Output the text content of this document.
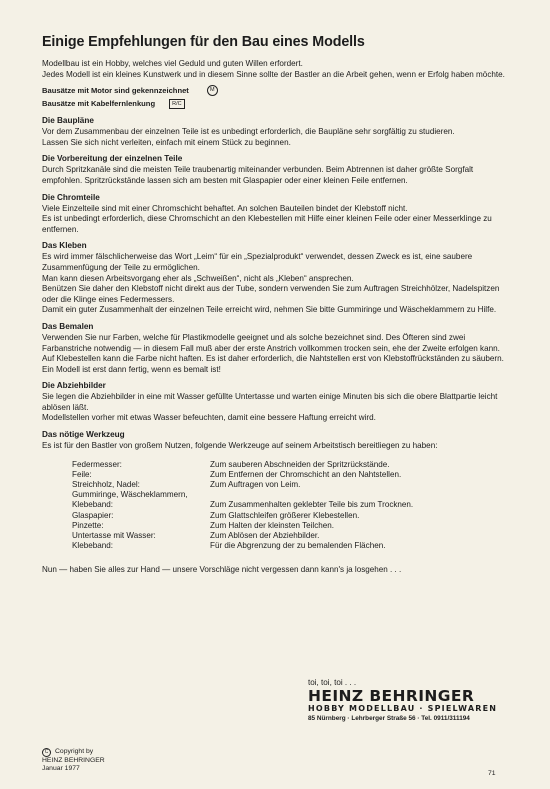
Einige Empfehlungen für den Bau eines Modells

Modellbau ist ein Hobby, welches viel Geduld und guten Willen erfordert.

Jedes Modell ist ein kleines Kunstwerk und in diesem Sinne sollte der Bastler an die Arbeit gehen, wenn er Erfolg haben möchte.

Bausätze mit Motor sind gekennzeichnet	M
Bausätze mit Kabelfernlenkung	R/C
Die Baupläne

Vor dem Zusammenbau der einzelnen Teile ist es unbedingt erforderlich, die Baupläne sehr sorgfältig zu studieren.

Lassen Sie sich nicht verleiten, einfach mit einem Stück zu beginnen.

Die Vorbereitung der einzelnen Teile

Durch Spritzkanäle sind die meisten Teile traubenartig miteinander verbunden. Beim Abtrennen ist daher größte Sorgfalt empfohlen. Spritzrückstände lassen sich am besten mit Glaspapier oder einer kleinen Feile entfernen.

Die Chromteile

Viele Einzelteile sind mit einer Chromschicht behaftet. An solchen Bauteilen bindet der Klebstoff nicht.

Es ist unbedingt erforderlich, diese Chromschicht an den Klebestellen mit Hilfe einer kleinen Feile oder einer Messerklinge zu entfernen.

Das Kleben

Es wird immer fälschlicherweise das Wort „Leim“ für ein „Spezialprodukt“ verwendet, dessen Zweck es ist, eine saubere Zusammenfügung der Teile zu ermöglichen.

Man kann diesen Arbeitsvorgang eher als „Schweißen“, nicht als „Kleben“ ansprechen.

Benützen Sie daher den Klebstoff nicht direkt aus der Tube, sondern verwenden Sie zum Auftragen Streichhölzer, Nadelspitzen oder die Klinge eines Federmessers.

Damit ein guter Zusammenhalt der einzelnen Teile erreicht wird, nehmen Sie bitte Gummiringe und Wäscheklammern zu Hilfe.

Das Bemalen

Verwenden Sie nur Farben, welche für Plastikmodelle geeignet und als solche bezeichnet sind. Des Öfteren sind zwei Farbanstriche notwendig — in diesem Fall muß aber der erste Anstrich vollkommen trocken sein, ehe der Zweite erfolgen kann.

Auf Klebestellen kann die Farbe nicht haften. Es ist daher erforderlich, die Nahtstellen erst von Klebstoffrückständen zu säubern.

Ein Modell ist erst dann fertig, wenn es bemalt ist!

Die Abziehbilder

Sie legen die Abziehbilder in eine mit Wasser gefüllte Untertasse und warten einige Minuten bis sich die obere Blattpartie leicht ablösen läßt.

Modellstellen vorher mit etwas Wasser befeuchten, damit eine bessere Haftung erreicht wird.

Das nötige Werkzeug

Es ist für den Bastler von großem Nutzen, folgende Werkzeuge auf seinem Arbeitstisch bereitliegen zu haben:

Federmesser:	Zum sauberen Abschneiden der Spritzrückstände.
Feile:	Zum Entfernen der Chromschicht an den Nahtstellen.
Streichholz, Nadel:	Zum Auftragen von Leim.
Gummiringe, Wäscheklammern, Klebeband:	Zum Zusammenhalten geklebter Teile bis zum Trocknen.
Glaspapier:	Zum Glattschleifen größerer Klebestellen.
Pinzette:	Zum Halten der kleinsten Teilchen.
Untertasse mit Wasser:	Zum Ablösen der Abziehbilder.
Klebeband:	Für die Abgrenzung der zu bemalenden Flächen.

Nun — haben Sie alles zur Hand — unsere Vorschläge nicht vergessen dann kann's ja losgehen . . .

toi, toi, toi . . .
HEINZ BEHRINGER
HOBBY MODELLBAU · SPIELWAREN
85 Nürnberg · Lehrberger Straße 56 · Tel. 0911/311194
C Copyright by
HEINZ BEHRINGER
Januar 1977
71
